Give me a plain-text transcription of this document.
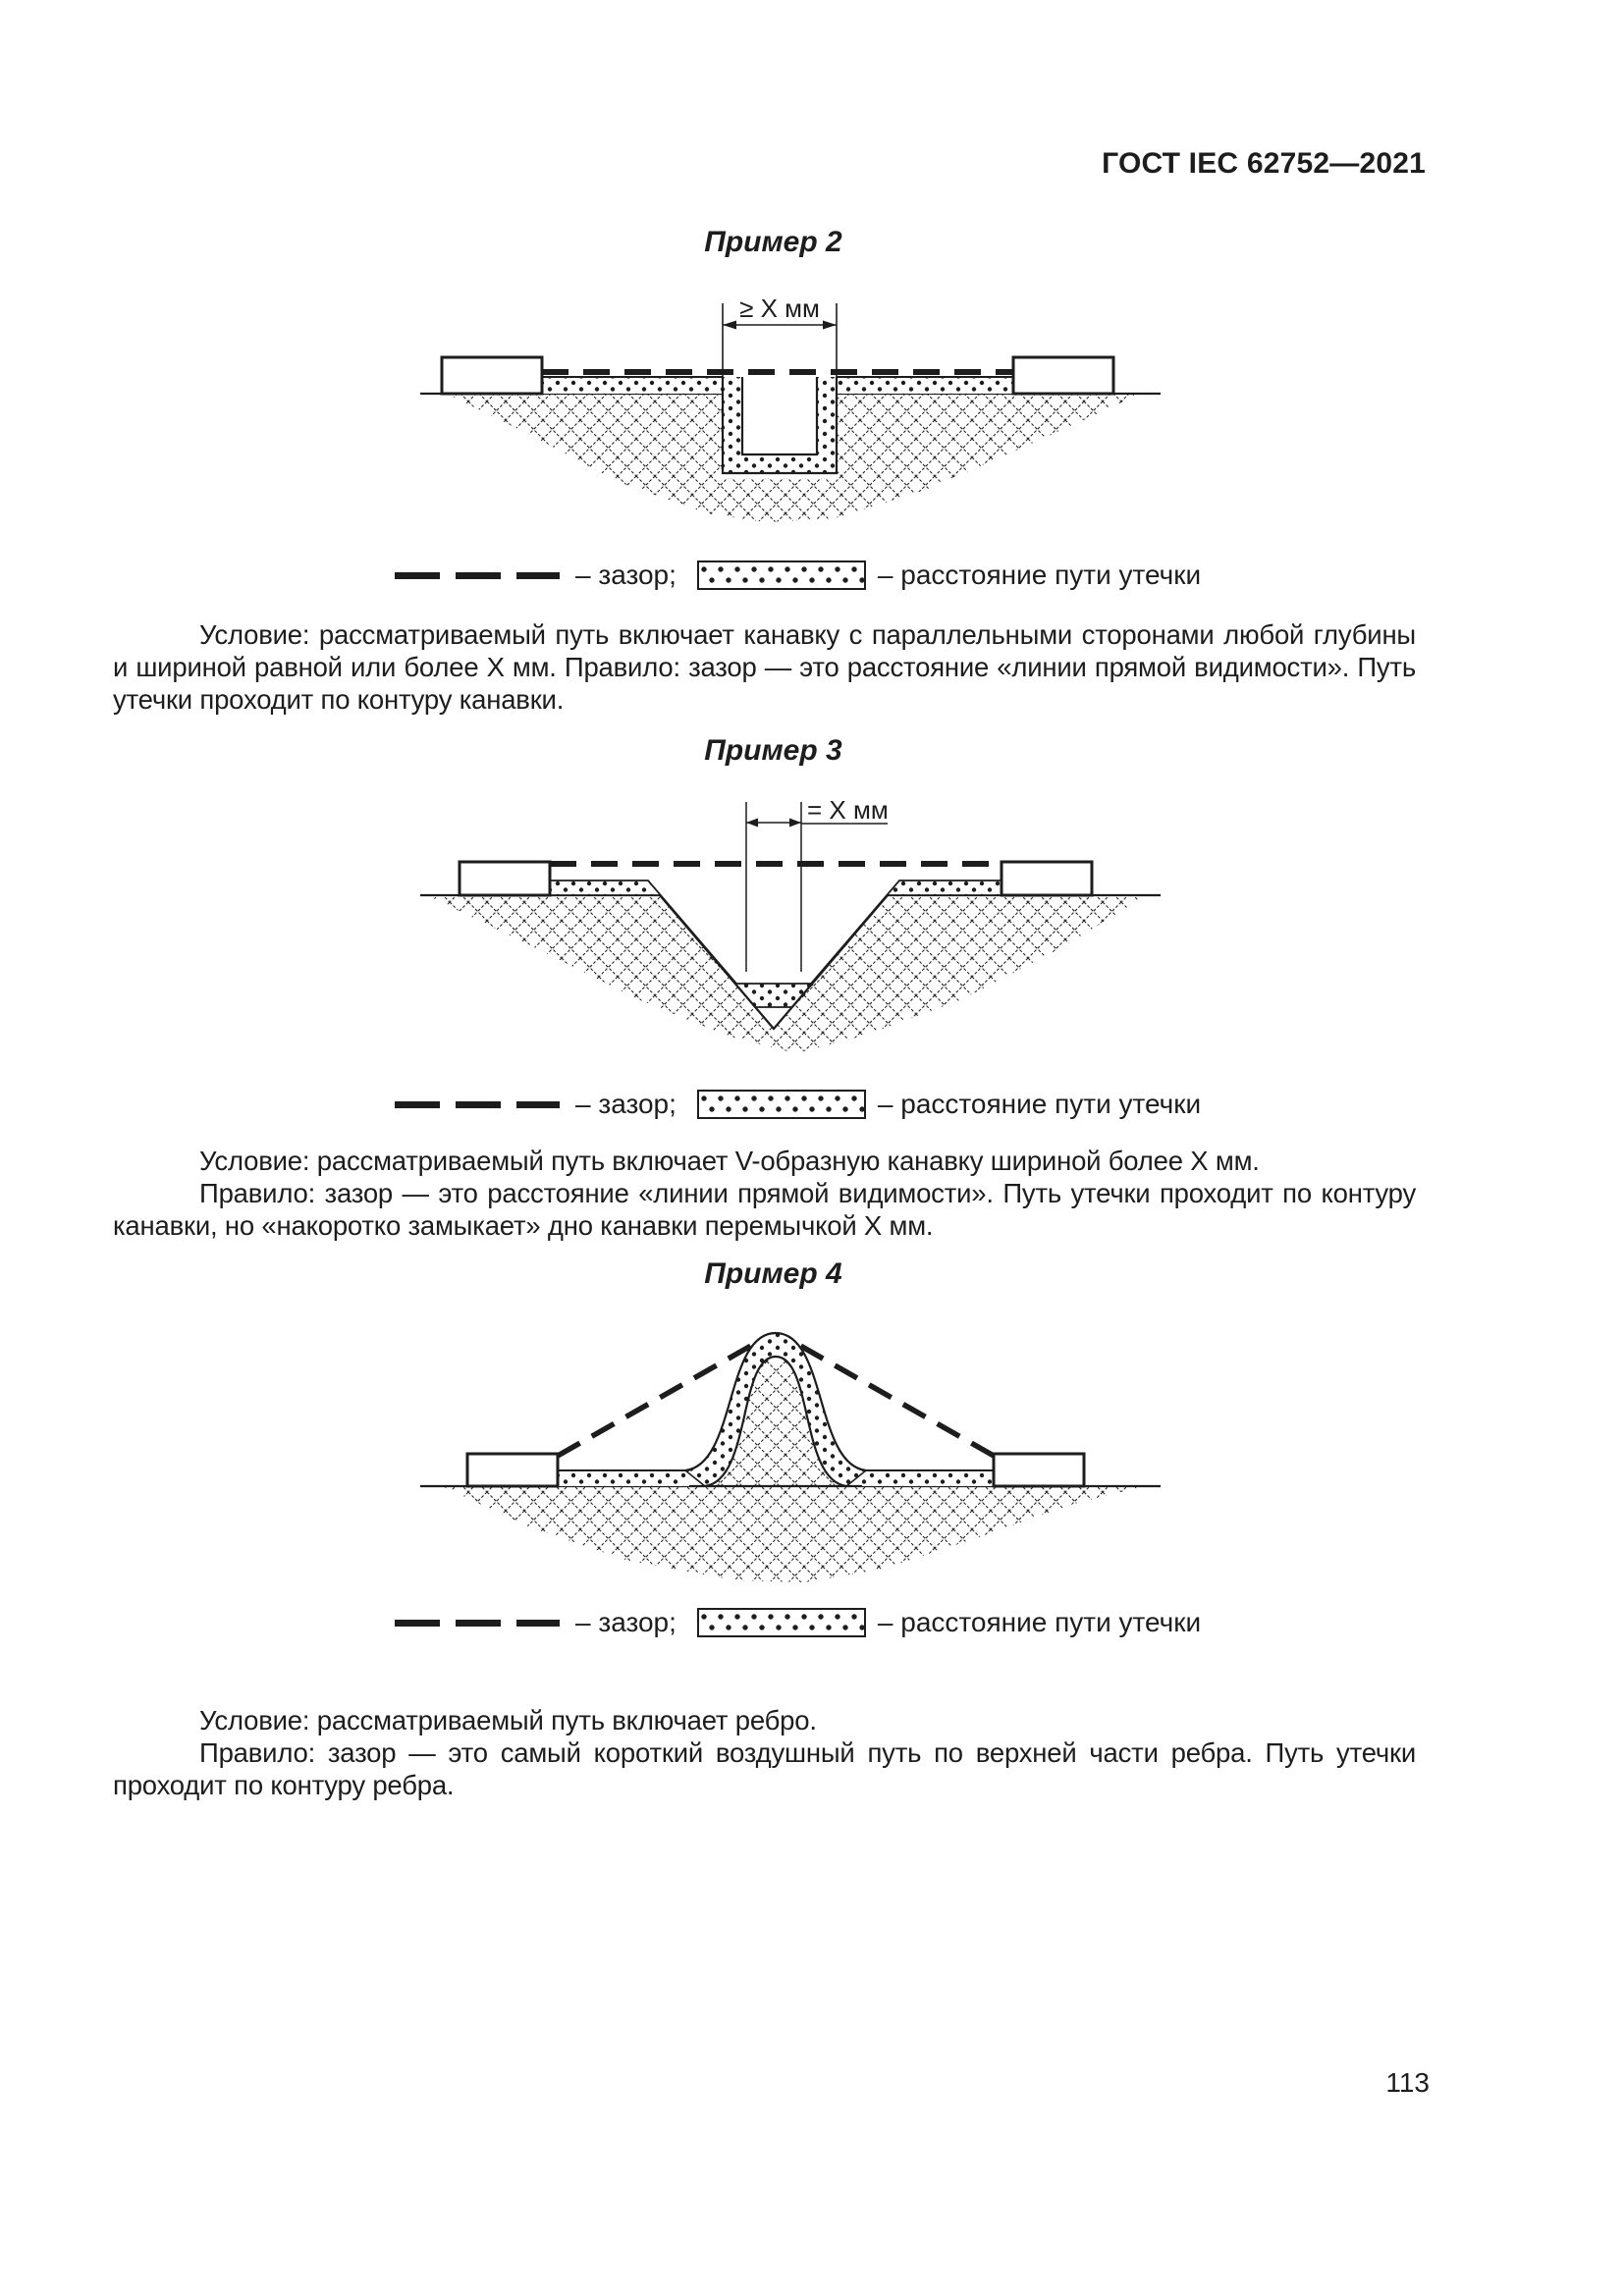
ГОСТ IEC 62752—2021
Пример 2
≥ X мм
– зазор;	– расстояние пути утечки

Условие: рассматриваемый путь включает канавку с параллельными сторонами любой глубины и шириной равной или более X мм. Правило: зазор — это расстояние «линии прямой видимости». Путь утечки проходит по контуру канавки.

Пример 3
= X мм
– зазор;	– расстояние пути утечки

Условие: рассматриваемый путь включает V-образную канавку шириной более X мм.

Правило: зазор — это расстояние «линии прямой видимости». Путь утечки проходит по контуру канавки, но «накоротко замыкает» дно канавки перемычкой X мм.

Пример 4
– зазор;	– расстояние пути утечки

Условие: рассматриваемый путь включает ребро.

Правило: зазор — это самый короткий воздушный путь по верхней части ребра. Путь утечки проходит по контуру ребра.

113
